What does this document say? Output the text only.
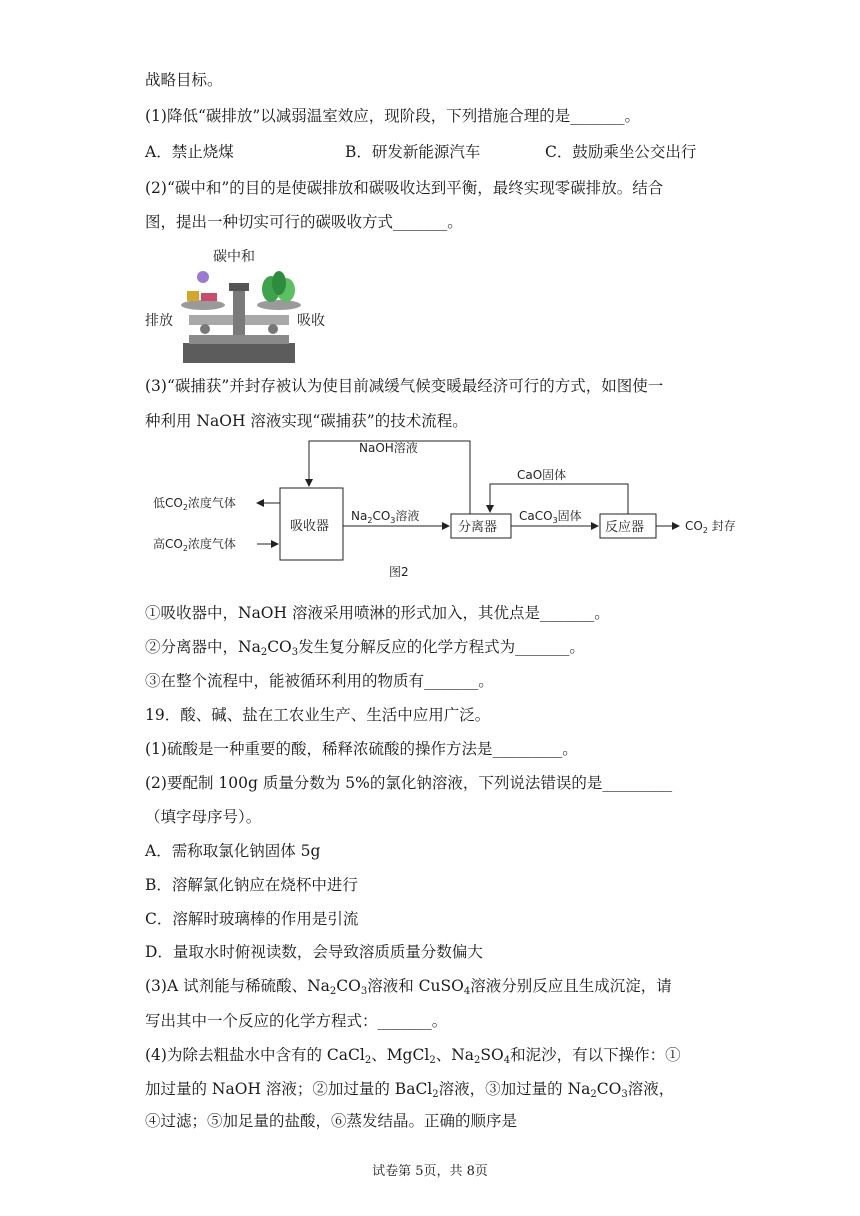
战略目标。
(1)降低“碳排放”以减弱温室效应，现阶段，下列措施合理的是_______。
A．禁止烧煤	B．研发新能源汽车	C．鼓励乘坐公交出行
(2)“碳中和”的目的是使碳排放和碳吸收达到平衡，最终实现零碳排放。结合
图，提出一种切实可行的碳吸收方式_______。
碳中和
排放	吸收
(3)“碳捕获”并封存被认为使目前减缓气候变暖最经济可行的方式，如图使一
种利用 NaOH 溶液实现“碳捕获”的技术流程。
吸收器	分离器	反应器
NaOH溶液
CaO固体
低$CO_2$浓度气体
高$CO_2$浓度气体
$Na_2CO_3$溶液	CaCO$_3$固体
$CO_2$ 封存
图2
①吸收器中，NaOH 溶液采用喷淋的形式加入，其优点是_______。
②分离器中，$Na_2CO_3$发生复分解反应的化学方程式为_______。
③在整个流程中，能被循环利用的物质有_______。
19．酸、碱、盐在工农业生产、生活中应用广泛。
(1)硫酸是一种重要的酸，稀释浓硫酸的操作方法是_________。
(2)要配制 100g 质量分数为 5%的氯化钠溶液，下列说法错误的是_________
（填字母序号）。
A．需称取氯化钠固体 5g
B．溶解氯化钠应在烧杯中进行
C．溶解时玻璃棒的作用是引流
D．量取水时俯视读数，会导致溶质质量分数偏大
(3)A 试剂能与稀硫酸、$Na_2CO_3$溶液和 CuSO$_4$溶液分别反应且生成沉淀，请
写出其中一个反应的化学方程式：_______。
(4)为除去粗盐水中含有的 CaCl$_2$、MgCl$_2$、$Na_2SO_4$和泥沙，有以下操作：①
加过量的 NaOH 溶液；②加过量的 BaCl$_2$溶液，③加过量的 $Na_2CO_3$溶液，
④过滤；⑤加足量的盐酸，⑥蒸发结晶。正确的顺序是
试卷第 5页，共 8页
